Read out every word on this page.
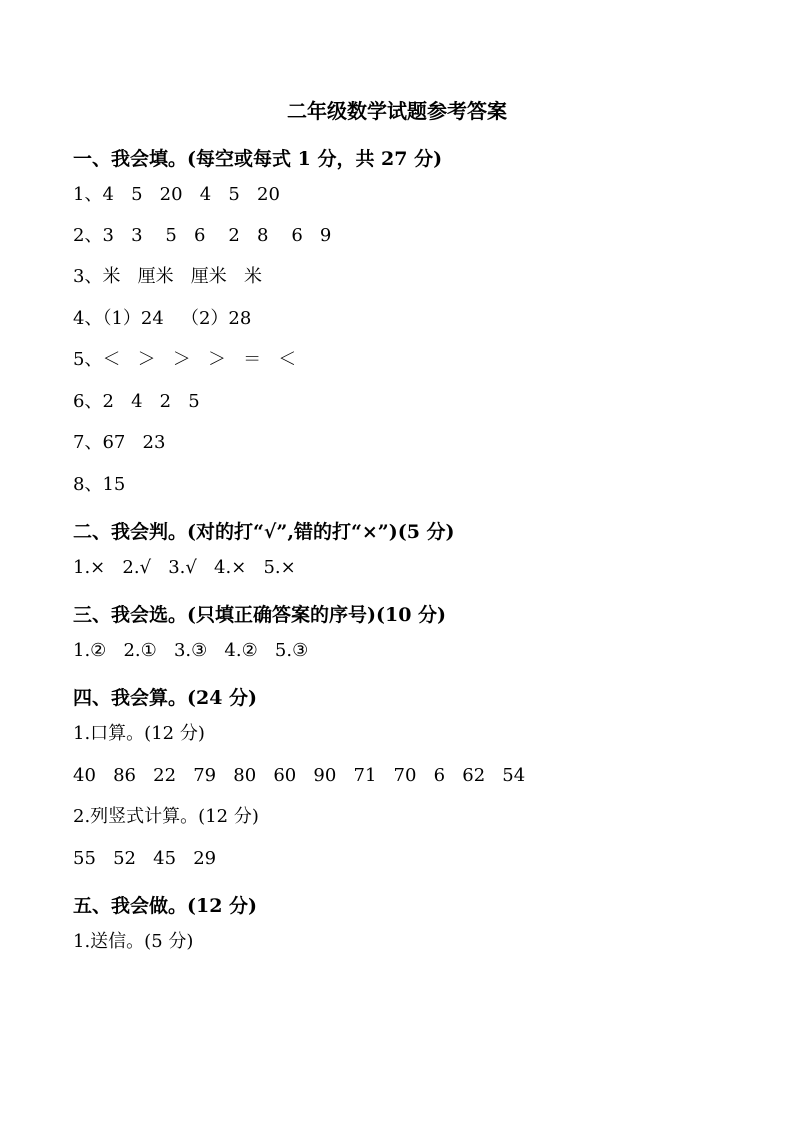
二年级数学试题参考答案
一、我会填。(每空或每式 1 分，共 27 分)
1、4   5   20   4   5   20
2、3   3    5   6    2   8    6   9
3、米   厘米   厘米   米
4、（1）24   （2）28
5、＜   ＞   ＞   ＞   ＝   ＜
6、2   4   2   5
7、67   23
8、15
二、我会判。(对的打“√”,错的打“×”)(5 分)
1.×   2.√   3.√   4.×   5.×
三、我会选。(只填正确答案的序号)(10 分)
1.②   2.①   3.③   4.②   5.③
四、我会算。(24 分)
1.口算。(12 分)
40   86   22   79   80   60   90   71   70   6   62   54
2.列竖式计算。(12 分)
55   52   45   29
五、我会做。(12 分)
1.送信。(5 分)
